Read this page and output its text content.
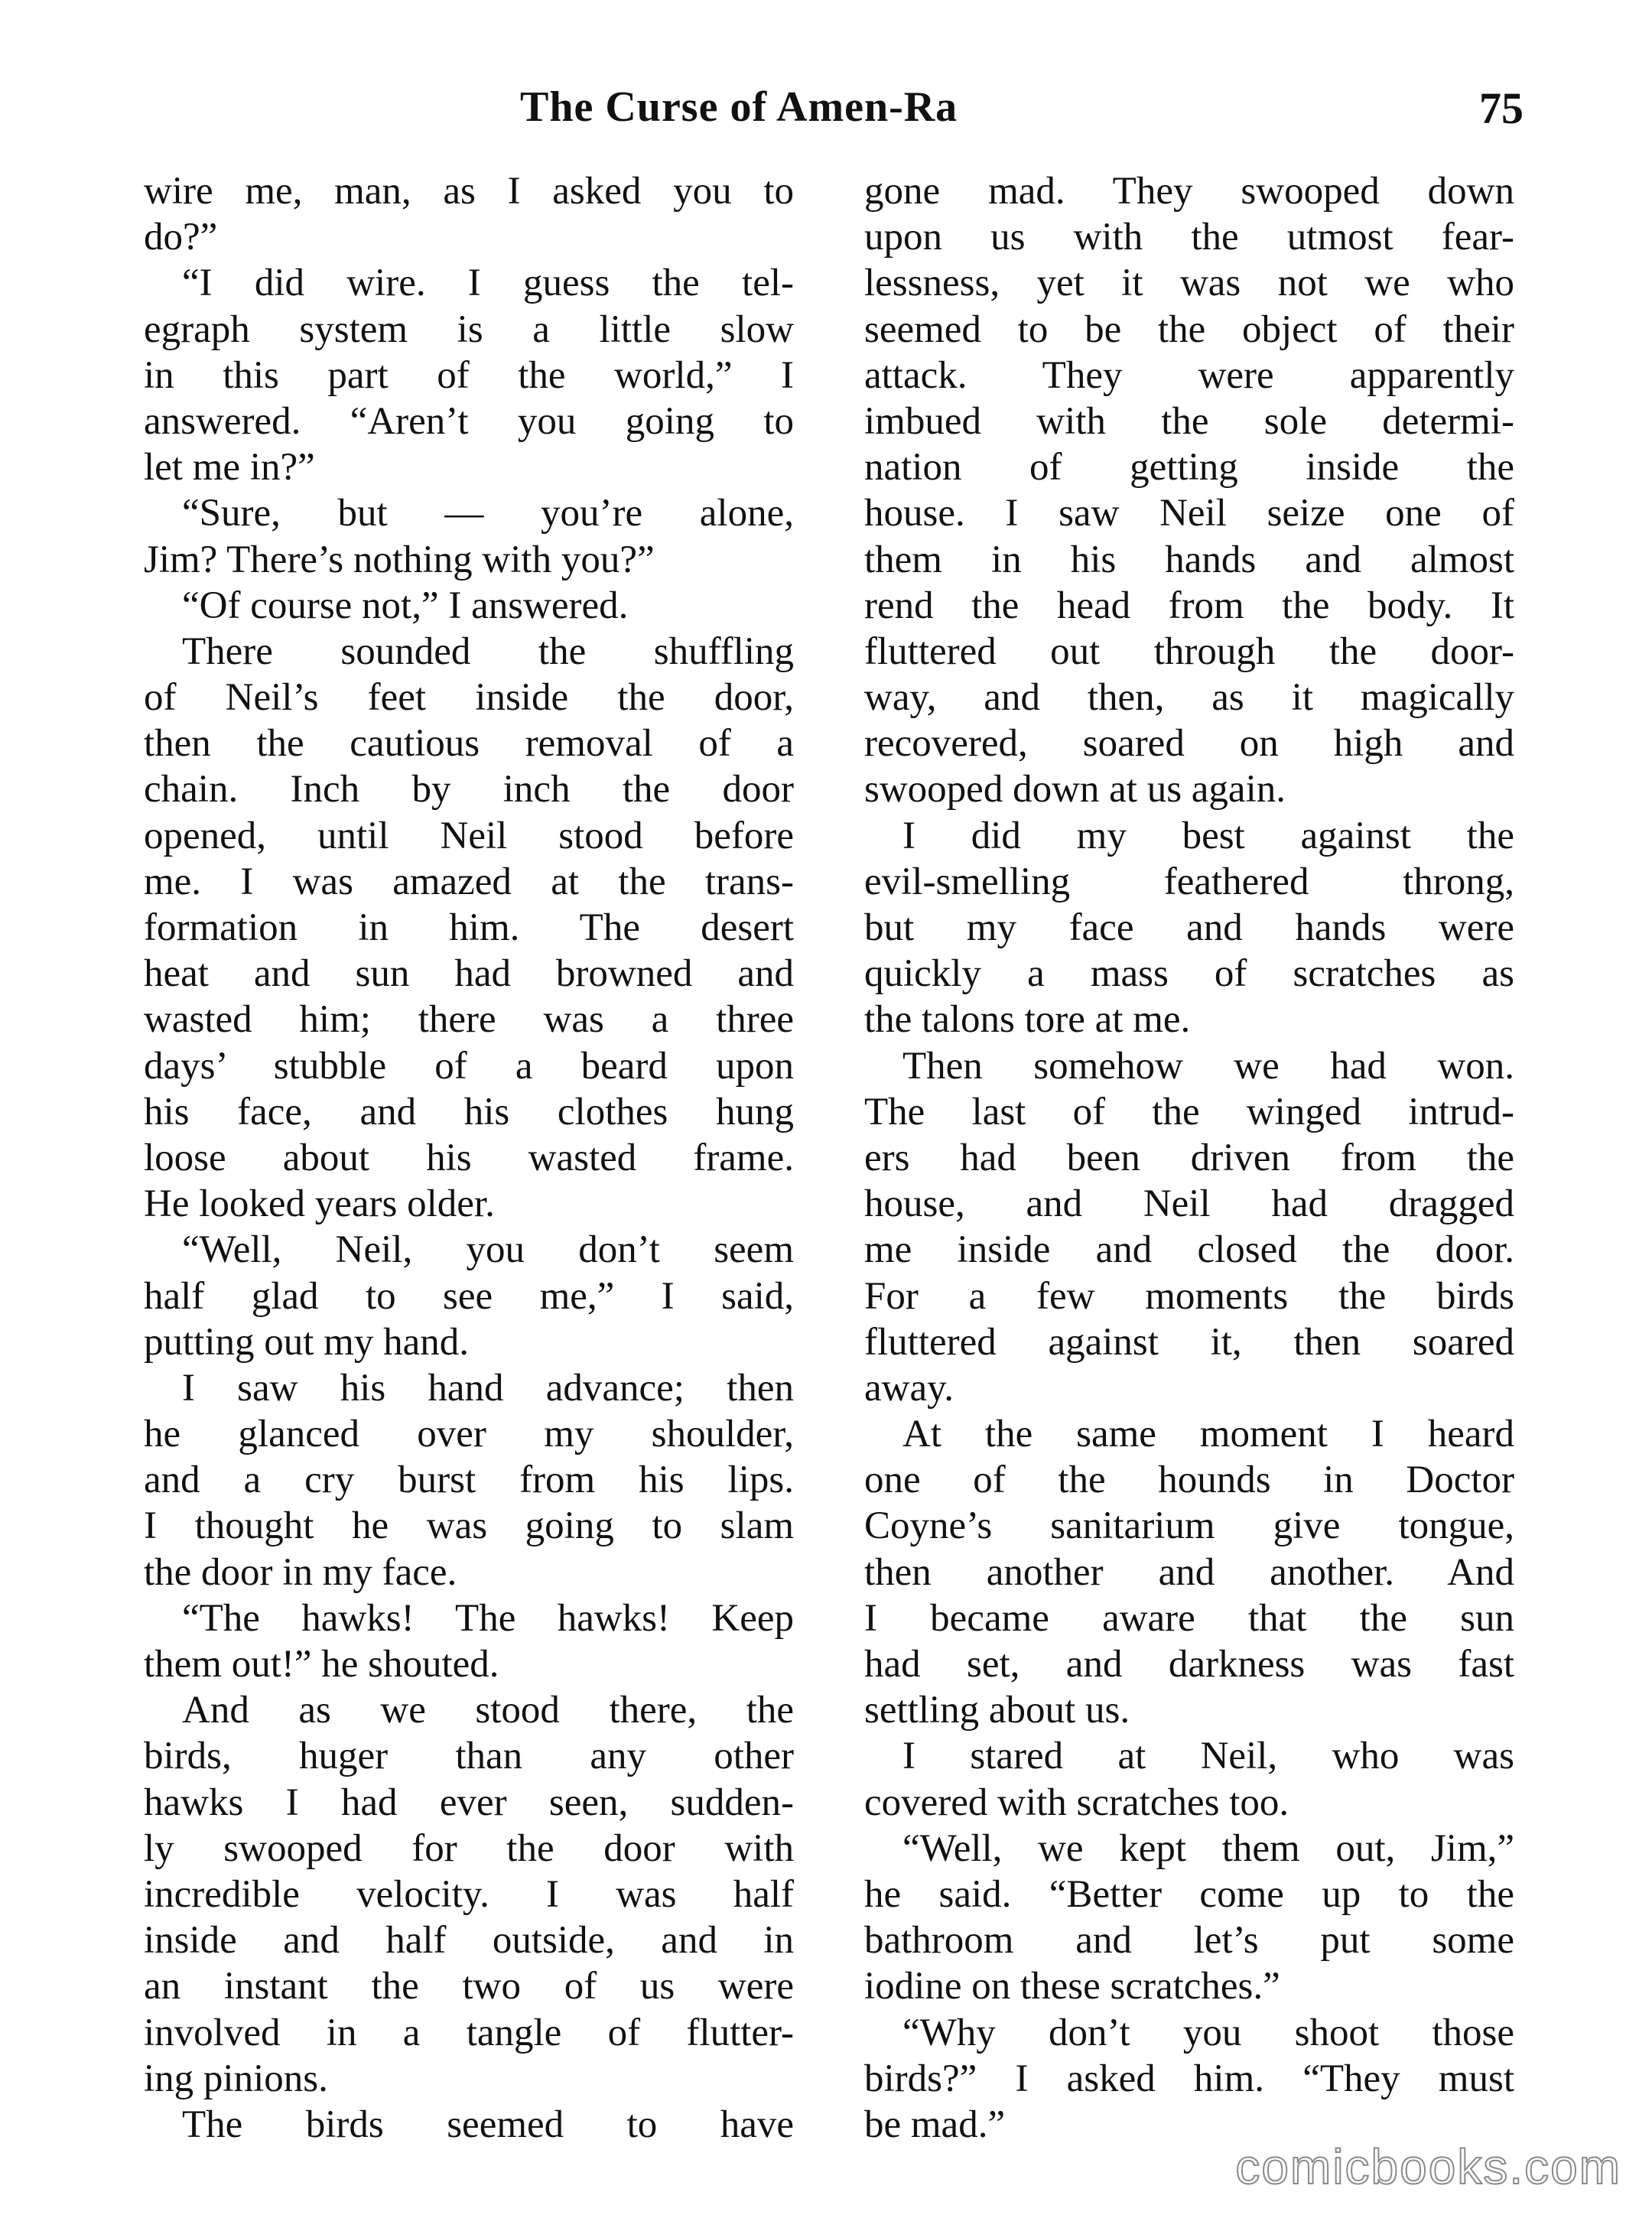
The Curse of Amen-Ra	75
wire me, man, as I asked you to
do?”
“I did wire. I guess the tel-
egraph system is a little slow
in this part of the world,” I
answered. “Aren’t you going to
let me in?”
“Sure, but — you’re alone,
Jim? There’s nothing with you?”
“Of course not,” I answered.
There sounded the shuffling
of Neil’s feet inside the door,
then the cautious removal of a
chain. Inch by inch the door
opened, until Neil stood before
me. I was amazed at the trans-
formation in him. The desert
heat and sun had browned and
wasted him; there was a three
days’ stubble of a beard upon
his face, and his clothes hung
loose about his wasted frame.
He looked years older.
“Well, Neil, you don’t seem
half glad to see me,” I said,
putting out my hand.
I saw his hand advance; then
he glanced over my shoulder,
and a cry burst from his lips.
I thought he was going to slam
the door in my face.
“The hawks! The hawks! Keep
them out!” he shouted.
And as we stood there, the
birds, huger than any other
hawks I had ever seen, sudden-
ly swooped for the door with
incredible velocity. I was half
inside and half outside, and in
an instant the two of us were
involved in a tangle of flutter-
ing pinions.
The birds seemed to have
gone mad. They swooped down
upon us with the utmost fear-
lessness, yet it was not we who
seemed to be the object of their
attack. They were apparently
imbued with the sole determi-
nation of getting inside the
house. I saw Neil seize one of
them in his hands and almost
rend the head from the body. It
fluttered out through the door-
way, and then, as it magically
recovered, soared on high and
swooped down at us again.
I did my best against the
evil-smelling feathered throng,
but my face and hands were
quickly a mass of scratches as
the talons tore at me.
Then somehow we had won.
The last of the winged intrud-
ers had been driven from the
house, and Neil had dragged
me inside and closed the door.
For a few moments the birds
fluttered against it, then soared
away.
At the same moment I heard
one of the hounds in Doctor
Coyne’s sanitarium give tongue,
then another and another. And
I became aware that the sun
had set, and darkness was fast
settling about us.
I stared at Neil, who was
covered with scratches too.
“Well, we kept them out, Jim,”
he said. “Better come up to the
bathroom and let’s put some
iodine on these scratches.”
“Why don’t you shoot those
birds?” I asked him. “They must
be mad.”
comicbooks.com
